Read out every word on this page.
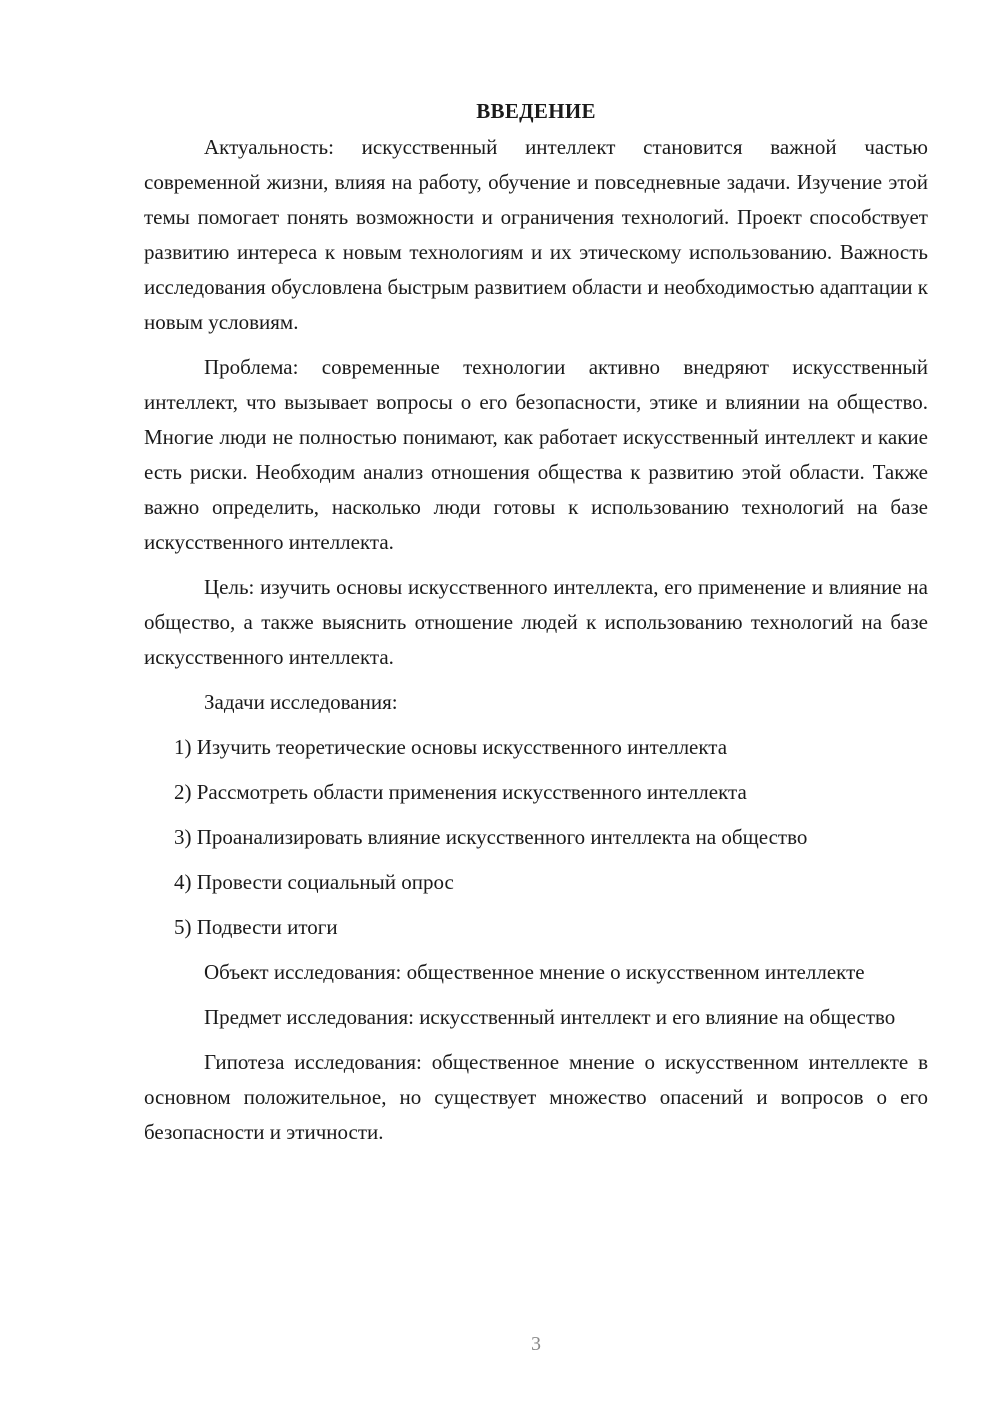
ВВЕДЕНИЕ

Актуальность: искусственный интеллект становится важной частью современной жизни, влияя на работу, обучение и повседневные задачи. Изучение этой темы помогает понять возможности и ограничения технологий. Проект способствует развитию интереса к новым технологиям и их этическому использованию. Важность исследования обусловлена быстрым развитием области и необходимостью адаптации к новым условиям.

Проблема: современные технологии активно внедряют искусственный интеллект, что вызывает вопросы о его безопасности, этике и влиянии на общество. Многие люди не полностью понимают, как работает искусственный интеллект и какие есть риски. Необходим анализ отношения общества к развитию этой области. Также важно определить, насколько люди готовы к использованию технологий на базе искусственного интеллекта.

Цель: изучить основы искусственного интеллекта, его применение и влияние на общество, а также выяснить отношение людей к использованию технологий на базе искусственного интеллекта.

Задачи исследования:

1) Изучить теоретические основы искусственного интеллекта
2) Рассмотреть области применения искусственного интеллекта
3) Проанализировать влияние искусственного интеллекта на общество
4) Провести социальный опрос
5) Подвести итоги

Объект исследования: общественное мнение о искусственном интеллекте

Предмет исследования: искусственный интеллект и его влияние на общество

Гипотеза исследования: общественное мнение о искусственном интеллекте в основном положительное, но существует множество опасений и вопросов о его безопасности и этичности.

3
